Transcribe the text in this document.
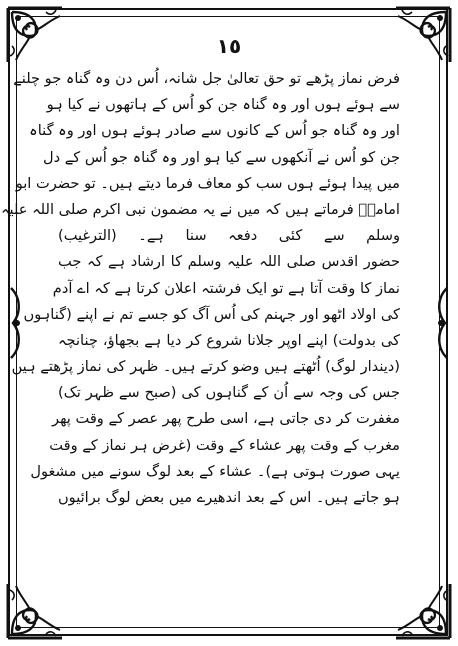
١٥
فرض نماز پڑھے تو حق تعالیٰ جل شانہ، اُس دن وہ گناہ جو چلنے
سے ہوئے ہوں اور وہ گناہ جن کو اُس کے ہاتھوں نے کیا ہو
اور وہ گناہ جو اُس کے کانوں سے صادر ہوئے ہوں اور وہ گناہ
جن کو اُس نے آنکھوں سے کیا ہو اور وہ گناہ جو اُس کے دل
میں پیدا ہوئے ہوں سب کو معاف فرما دیتے ہیں۔ تو حضرت ابو
امامہؓ فرماتے ہیں کہ میں نے یہ مضمون نبی اکرم صلی اللہ علیہ
وسلم سے کئی دفعہ سنا ہے۔ (الترغیب)
حضور اقدس صلی اللہ علیہ وسلم کا ارشاد ہے کہ جب
نماز کا وقت آتا ہے تو ایک فرشتہ اعلان کرتا ہے کہ اے آدم
کی اولاد اٹھو اور جہنم کی اُس آگ کو جسے تم نے اپنے (گناہوں
کی بدولت) اپنے اوپر جلانا شروع کر دیا ہے بجھاؤ، چنانچہ
(دیندار لوگ) اُٹھتے ہیں وضو کرتے ہیں۔ ظہر کی نماز پڑھتے ہیں
جس کی وجہ سے اُن کے گناہوں کی (صبح سے ظہر تک)
مغفرت کر دی جاتی ہے، اسی طرح پھر عصر کے وقت پھر
مغرب کے وقت پھر عشاء کے وقت (غرض ہر نماز کے وقت
یہی صورت ہوتی ہے)۔ عشاء کے بعد لوگ سونے میں مشغول
ہو جاتے ہیں۔ اس کے بعد اندھیرے میں بعض لوگ برائیوں
